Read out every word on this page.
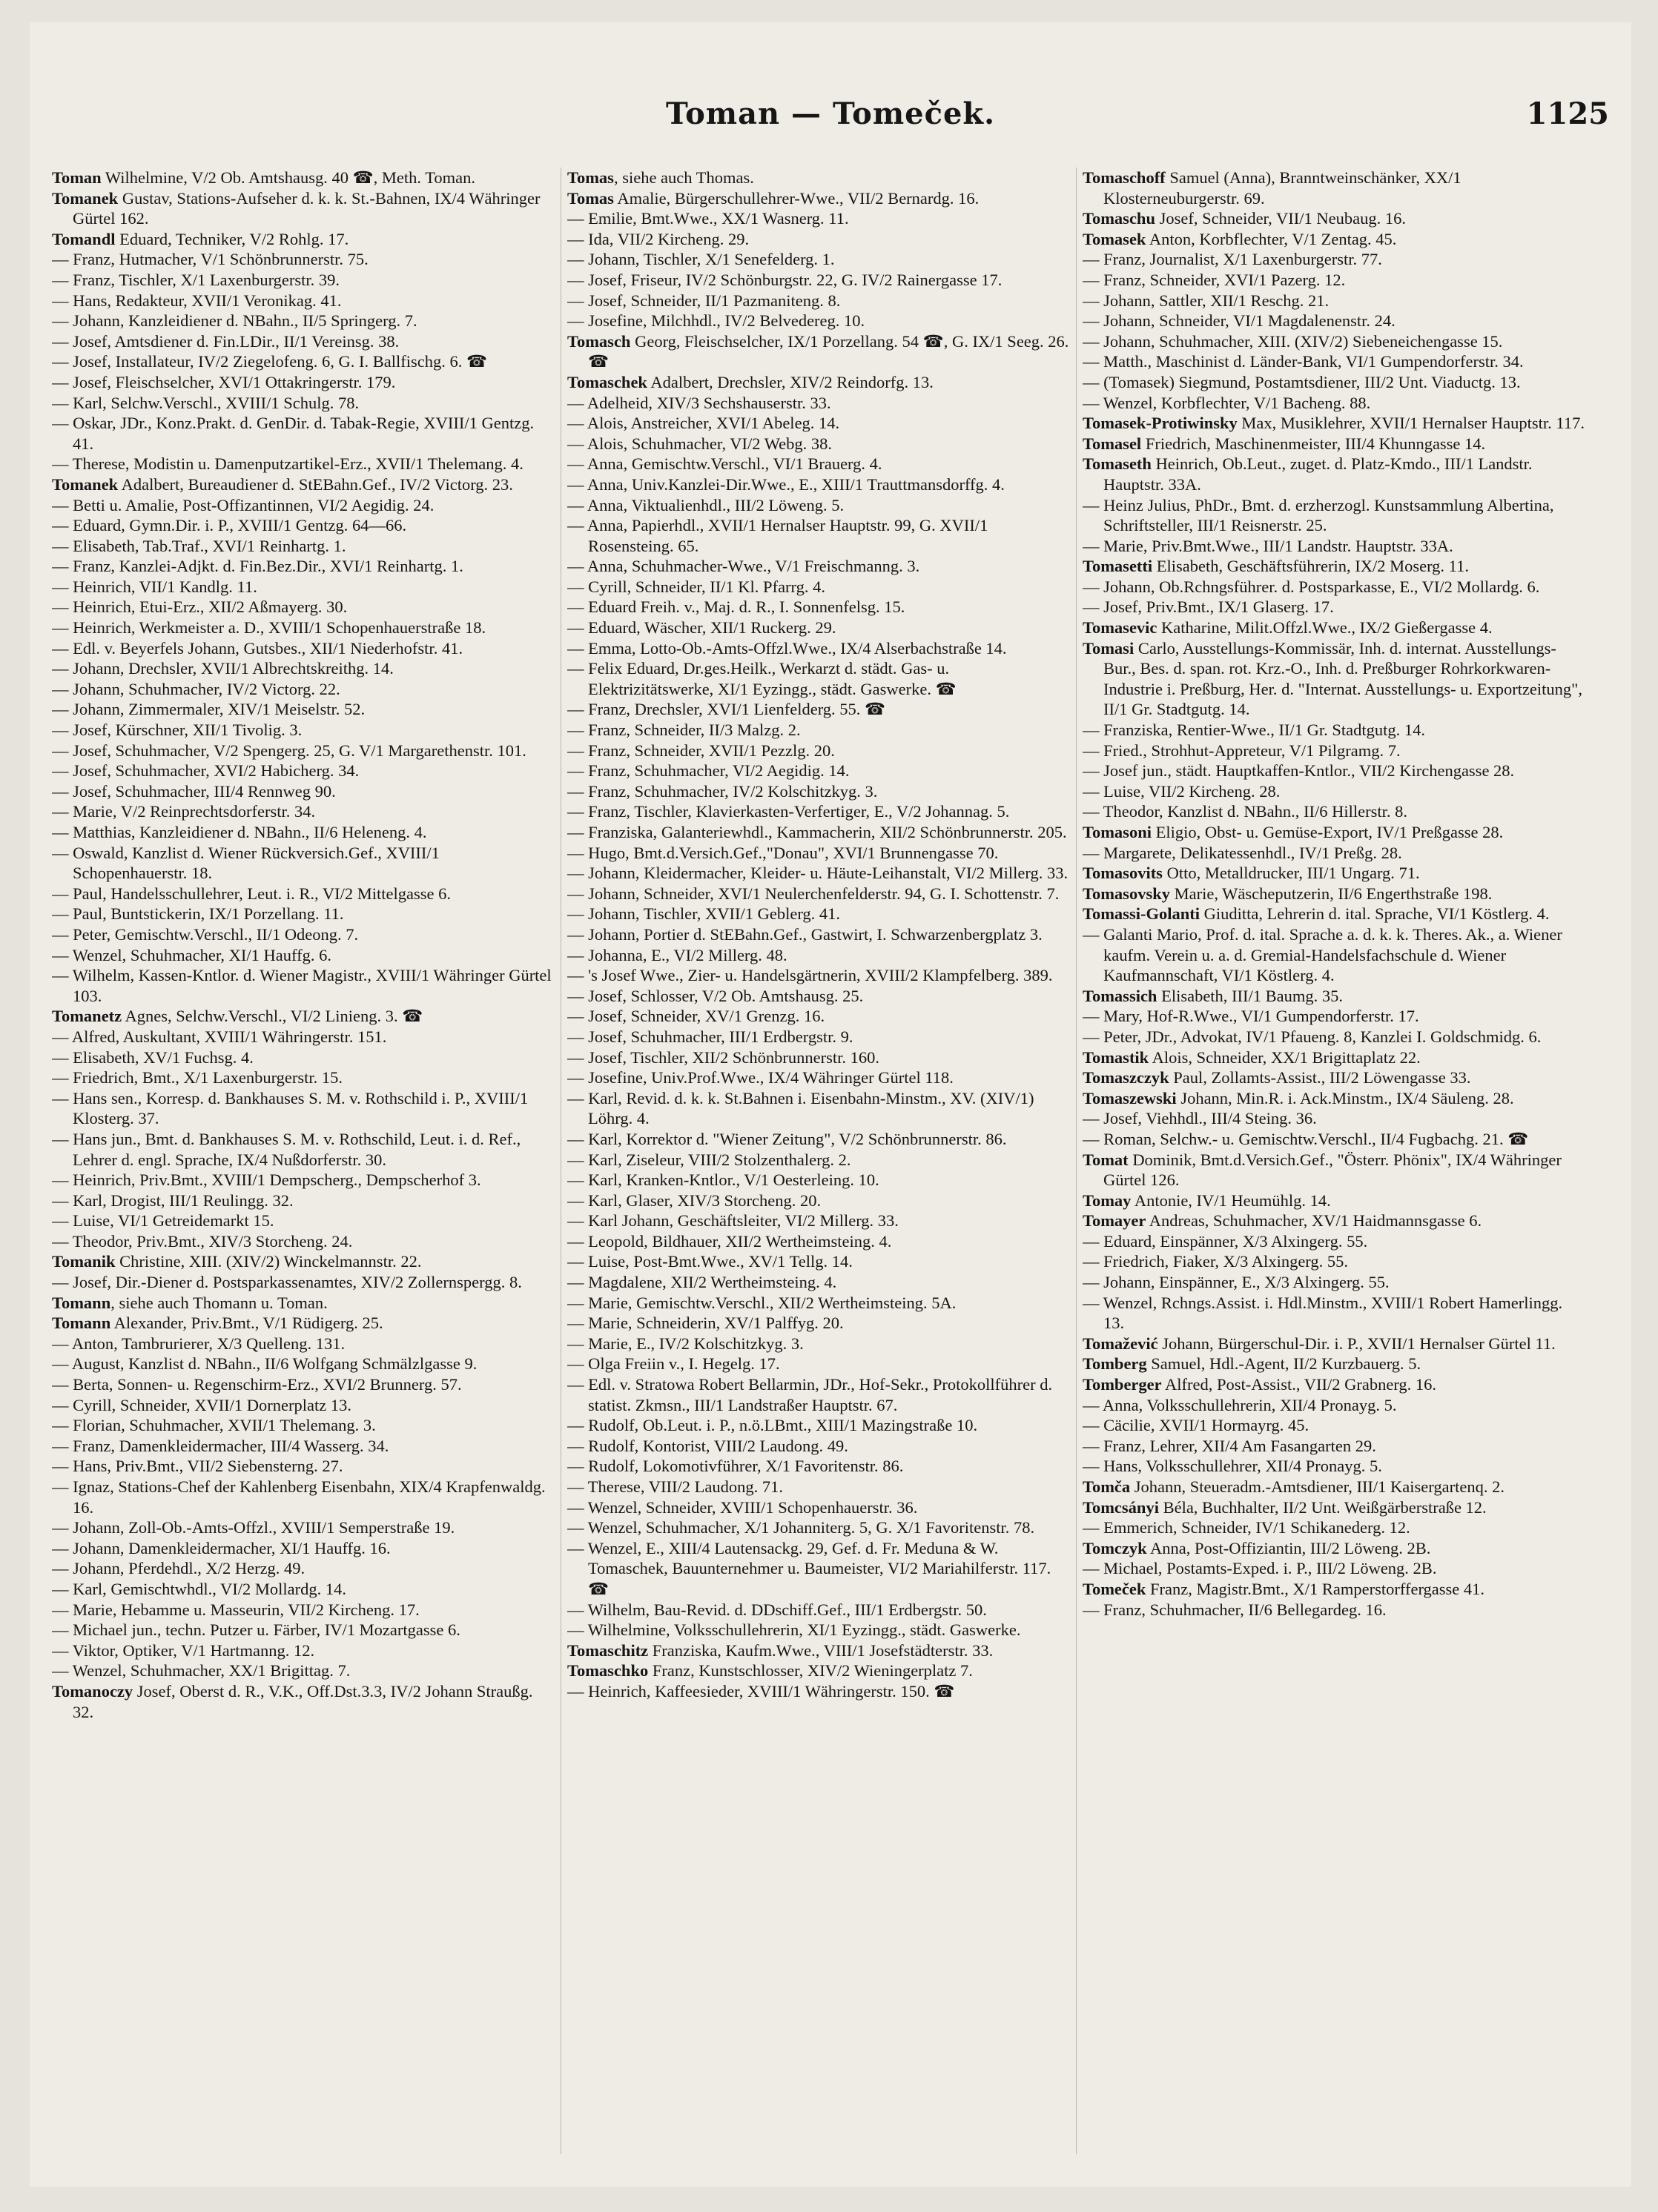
Toman — Tomeček.	1125

Toman Wilhelmine, V/2 Ob. Amtshausg. 40 ☎, Meth. Toman.

Tomanek Gustav, Stations-Aufseher d. k. k. St.-Bahnen, IX/4 Währinger Gürtel 162.

Tomandl Eduard, Techniker, V/2 Rohlg. 17.

— Franz, Hutmacher, V/1 Schönbrunnerstr. 75.

— Franz, Tischler, X/1 Laxenburgerstr. 39.

— Hans, Redakteur, XVII/1 Veronikag. 41.

— Johann, Kanzleidiener d. NBahn., II/5 Springerg. 7.

— Josef, Amtsdiener d. Fin.LDir., II/1 Vereinsg. 38.

— Josef, Installateur, IV/2 Ziegelofeng. 6, G. I. Ballfischg. 6. ☎

— Josef, Fleischselcher, XVI/1 Ottakringerstr. 179.

— Karl, Selchw.Verschl., XVIII/1 Schulg. 78.

— Oskar, JDr., Konz.Prakt. d. GenDir. d. Tabak-Regie, XVIII/1 Gentzg. 41.

— Therese, Modistin u. Damenputzartikel-Erz., XVII/1 Thelemang. 4.

Tomanek Adalbert, Bureaudiener d. StEBahn.Gef., IV/2 Victorg. 23.

— Betti u. Amalie, Post-Offizantinnen, VI/2 Aegidig. 24.

— Eduard, Gymn.Dir. i. P., XVIII/1 Gentzg. 64—66.

— Elisabeth, Tab.Traf., XVI/1 Reinhartg. 1.

— Franz, Kanzlei-Adjkt. d. Fin.Bez.Dir., XVI/1 Reinhartg. 1.

— Heinrich, VII/1 Kandlg. 11.

— Heinrich, Etui-Erz., XII/2 Aßmayerg. 30.

— Heinrich, Werkmeister a. D., XVIII/1 Schopenhauerstraße 18.

— Edl. v. Beyerfels Johann, Gutsbes., XII/1 Niederhofstr. 41.

— Johann, Drechsler, XVII/1 Albrechtskreithg. 14.

— Johann, Schuhmacher, IV/2 Victorg. 22.

— Johann, Zimmermaler, XIV/1 Meiselstr. 52.

— Josef, Kürschner, XII/1 Tivolig. 3.

— Josef, Schuhmacher, V/2 Spengerg. 25, G. V/1 Margarethenstr. 101.

— Josef, Schuhmacher, XVI/2 Habicherg. 34.

— Josef, Schuhmacher, III/4 Rennweg 90.

— Marie, V/2 Reinprechtsdorferstr. 34.

— Matthias, Kanzleidiener d. NBahn., II/6 Heleneng. 4.

— Oswald, Kanzlist d. Wiener Rückversich.Gef., XVIII/1 Schopenhauerstr. 18.

— Paul, Handelsschullehrer, Leut. i. R., VI/2 Mittelgasse 6.

— Paul, Buntstickerin, IX/1 Porzellang. 11.

— Peter, Gemischtw.Verschl., II/1 Odeong. 7.

— Wenzel, Schuhmacher, XI/1 Hauffg. 6.

— Wilhelm, Kassen-Kntlor. d. Wiener Magistr., XVIII/1 Währinger Gürtel 103.

Tomanetz Agnes, Selchw.Verschl., VI/2 Linieng. 3. ☎

— Alfred, Auskultant, XVIII/1 Währingerstr. 151.

— Elisabeth, XV/1 Fuchsg. 4.

— Friedrich, Bmt., X/1 Laxenburgerstr. 15.

— Hans sen., Korresp. d. Bankhauses S. M. v. Rothschild i. P., XVIII/1 Klosterg. 37.

— Hans jun., Bmt. d. Bankhauses S. M. v. Rothschild, Leut. i. d. Ref., Lehrer d. engl. Sprache, IX/4 Nußdorferstr. 30.

— Heinrich, Priv.Bmt., XVIII/1 Dempscherg., Dempscherhof 3.

— Karl, Drogist, III/1 Reulingg. 32.

— Luise, VI/1 Getreidemarkt 15.

— Theodor, Priv.Bmt., XIV/3 Storcheng. 24.

Tomanik Christine, XIII. (XIV/2) Winckelmannstr. 22.

— Josef, Dir.-Diener d. Postsparkassenamtes, XIV/2 Zollernspergg. 8.

Tomann, siehe auch Thomann u. Toman.

Tomann Alexander, Priv.Bmt., V/1 Rüdigerg. 25.

— Anton, Tambrurierer, X/3 Quelleng. 131.

— August, Kanzlist d. NBahn., II/6 Wolfgang Schmälzlgasse 9.

— Berta, Sonnen- u. Regenschirm-Erz., XVI/2 Brunnerg. 57.

— Cyrill, Schneider, XVII/1 Dornerplatz 13.

— Florian, Schuhmacher, XVII/1 Thelemang. 3.

— Franz, Damenkleidermacher, III/4 Wasserg. 34.

— Hans, Priv.Bmt., VII/2 Siebensterng. 27.

— Ignaz, Stations-Chef der Kahlenberg Eisenbahn, XIX/4 Krapfenwaldg. 16.

— Johann, Zoll-Ob.-Amts-Offzl., XVIII/1 Semperstraße 19.

— Johann, Damenkleidermacher, XI/1 Hauffg. 16.

— Johann, Pferdehdl., X/2 Herzg. 49.

— Karl, Gemischtwhdl., VI/2 Mollardg. 14.

— Marie, Hebamme u. Masseurin, VII/2 Kircheng. 17.

— Michael jun., techn. Putzer u. Färber, IV/1 Mozartgasse 6.

— Viktor, Optiker, V/1 Hartmanng. 12.

— Wenzel, Schuhmacher, XX/1 Brigittag. 7.

Tomanoczy Josef, Oberst d. R., V.K., Off.Dst.3.3, IV/2 Johann Straußg. 32.

Tomas, siehe auch Thomas.

Tomas Amalie, Bürgerschullehrer-Wwe., VII/2 Bernardg. 16.

— Emilie, Bmt.Wwe., XX/1 Wasnerg. 11.

— Ida, VII/2 Kircheng. 29.

— Johann, Tischler, X/1 Senefelderg. 1.

— Josef, Friseur, IV/2 Schönburgstr. 22, G. IV/2 Rainergasse 17.

— Josef, Schneider, II/1 Pazmaniteng. 8.

— Josefine, Milchhdl., IV/2 Belvedereg. 10.

Tomasch Georg, Fleischselcher, IX/1 Porzellang. 54 ☎, G. IX/1 Seeg. 26. ☎

Tomaschek Adalbert, Drechsler, XIV/2 Reindorfg. 13.

— Adelheid, XIV/3 Sechshauserstr. 33.

— Alois, Anstreicher, XVI/1 Abeleg. 14.

— Alois, Schuhmacher, VI/2 Webg. 38.

— Anna, Gemischtw.Verschl., VI/1 Brauerg. 4.

— Anna, Univ.Kanzlei-Dir.Wwe., E., XIII/1 Trauttmansdorffg. 4.

— Anna, Viktualienhdl., III/2 Löweng. 5.

— Anna, Papierhdl., XVII/1 Hernalser Hauptstr. 99, G. XVII/1 Rosensteing. 65.

— Anna, Schuhmacher-Wwe., V/1 Freischmanng. 3.

— Cyrill, Schneider, II/1 Kl. Pfarrg. 4.

— Eduard Freih. v., Maj. d. R., I. Sonnenfelsg. 15.

— Eduard, Wäscher, XII/1 Ruckerg. 29.

— Emma, Lotto-Ob.-Amts-Offzl.Wwe., IX/4 Alserbachstraße 14.

— Felix Eduard, Dr.ges.Heilk., Werkarzt d. städt. Gas- u. Elektrizitätswerke, XI/1 Eyzingg., städt. Gaswerke. ☎

— Franz, Drechsler, XVI/1 Lienfelderg. 55. ☎

— Franz, Schneider, II/3 Malzg. 2.

— Franz, Schneider, XVII/1 Pezzlg. 20.

— Franz, Schuhmacher, VI/2 Aegidig. 14.

— Franz, Schuhmacher, IV/2 Kolschitzkyg. 3.

— Franz, Tischler, Klavierkasten-Verfertiger, E., V/2 Johannag. 5.

— Franziska, Galanteriewhdl., Kammacherin, XII/2 Schönbrunnerstr. 205.

— Hugo, Bmt.d.Versich.Gef.,"Donau", XVI/1 Brunnengasse 70.

— Johann, Kleidermacher, Kleider- u. Häute-Leihanstalt, VI/2 Millerg. 33.

— Johann, Schneider, XVI/1 Neulerchenfelderstr. 94, G. I. Schottenstr. 7.

— Johann, Tischler, XVII/1 Geblerg. 41.

— Johann, Portier d. StEBahn.Gef., Gastwirt, I. Schwarzenbergplatz 3.

— Johanna, E., VI/2 Millerg. 48.

— 's Josef Wwe., Zier- u. Handelsgärtnerin, XVIII/2 Klampfelberg. 389.

— Josef, Schlosser, V/2 Ob. Amtshausg. 25.

— Josef, Schneider, XV/1 Grenzg. 16.

— Josef, Schuhmacher, III/1 Erdbergstr. 9.

— Josef, Tischler, XII/2 Schönbrunnerstr. 160.

— Josefine, Univ.Prof.Wwe., IX/4 Währinger Gürtel 118.

— Karl, Revid. d. k. k. St.Bahnen i. Eisenbahn-Minstm., XV. (XIV/1) Löhrg. 4.

— Karl, Korrektor d. "Wiener Zeitung", V/2 Schönbrunnerstr. 86.

— Karl, Ziseleur, VIII/2 Stolzenthalerg. 2.

— Karl, Kranken-Kntlor., V/1 Oesterleing. 10.

— Karl, Glaser, XIV/3 Storcheng. 20.

— Karl Johann, Geschäftsleiter, VI/2 Millerg. 33.

— Leopold, Bildhauer, XII/2 Wertheimsteing. 4.

— Luise, Post-Bmt.Wwe., XV/1 Tellg. 14.

— Magdalene, XII/2 Wertheimsteing. 4.

— Marie, Gemischtw.Verschl., XII/2 Wertheimsteing. 5A.

— Marie, Schneiderin, XV/1 Palffyg. 20.

— Marie, E., IV/2 Kolschitzkyg. 3.

— Olga Freiin v., I. Hegelg. 17.

— Edl. v. Stratowa Robert Bellarmin, JDr., Hof-Sekr., Protokollführer d. statist. Zkmsn., III/1 Landstraßer Hauptstr. 67.

— Rudolf, Ob.Leut. i. P., n.ö.LBmt., XIII/1 Mazingstraße 10.

— Rudolf, Kontorist, VIII/2 Laudong. 49.

— Rudolf, Lokomotivführer, X/1 Favoritenstr. 86.

— Therese, VIII/2 Laudong. 71.

— Wenzel, Schneider, XVIII/1 Schopenhauerstr. 36.

— Wenzel, Schuhmacher, X/1 Johanniterg. 5, G. X/1 Favoritenstr. 78.

— Wenzel, E., XIII/4 Lautensackg. 29, Gef. d. Fr. Meduna & W. Tomaschek, Bauunternehmer u. Baumeister, VI/2 Mariahilferstr. 117. ☎

— Wilhelm, Bau-Revid. d. DDschiff.Gef., III/1 Erdbergstr. 50.

— Wilhelmine, Volksschullehrerin, XI/1 Eyzingg., städt. Gaswerke.

Tomaschitz Franziska, Kaufm.Wwe., VIII/1 Josefstädterstr. 33.

Tomaschko Franz, Kunstschlosser, XIV/2 Wieningerplatz 7.

— Heinrich, Kaffeesieder, XVIII/1 Währingerstr. 150. ☎

Tomaschoff Samuel (Anna), Branntweinschänker, XX/1 Klosterneuburgerstr. 69.

Tomaschu Josef, Schneider, VII/1 Neubaug. 16.

Tomasek Anton, Korbflechter, V/1 Zentag. 45.

— Franz, Journalist, X/1 Laxenburgerstr. 77.

— Franz, Schneider, XVI/1 Pazerg. 12.

— Johann, Sattler, XII/1 Reschg. 21.

— Johann, Schneider, VI/1 Magdalenenstr. 24.

— Johann, Schuhmacher, XIII. (XIV/2) Siebeneichengasse 15.

— Matth., Maschinist d. Länder-Bank, VI/1 Gumpendorferstr. 34.

— (Tomasek) Siegmund, Postamtsdiener, III/2 Unt. Viaductg. 13.

— Wenzel, Korbflechter, V/1 Bacheng. 88.

Tomasek-Protiwinsky Max, Musiklehrer, XVII/1 Hernalser Hauptstr. 117.

Tomasel Friedrich, Maschinenmeister, III/4 Khunngasse 14.

Tomaseth Heinrich, Ob.Leut., zuget. d. Platz-Kmdo., III/1 Landstr. Hauptstr. 33A.

— Heinz Julius, PhDr., Bmt. d. erzherzogl. Kunstsammlung Albertina, Schriftsteller, III/1 Reisnerstr. 25.

— Marie, Priv.Bmt.Wwe., III/1 Landstr. Hauptstr. 33A.

Tomasetti Elisabeth, Geschäftsführerin, IX/2 Moserg. 11.

— Johann, Ob.Rchngsführer. d. Postsparkasse, E., VI/2 Mollardg. 6.

— Josef, Priv.Bmt., IX/1 Glaserg. 17.

Tomasevic Katharine, Milit.Offzl.Wwe., IX/2 Gießergasse 4.

Tomasi Carlo, Ausstellungs-Kommissär, Inh. d. internat. Ausstellungs-Bur., Bes. d. span. rot. Krz.-O., Inh. d. Preßburger Rohrkorkwaren-Industrie i. Preßburg, Her. d. "Internat. Ausstellungs- u. Exportzeitung", II/1 Gr. Stadtgutg. 14.

— Franziska, Rentier-Wwe., II/1 Gr. Stadtgutg. 14.

— Fried., Strohhut-Appreteur, V/1 Pilgramg. 7.

— Josef jun., städt. Hauptkaffen-Kntlor., VII/2 Kirchengasse 28.

— Luise, VII/2 Kircheng. 28.

— Theodor, Kanzlist d. NBahn., II/6 Hillerstr. 8.

Tomasoni Eligio, Obst- u. Gemüse-Export, IV/1 Preßgasse 28.

— Margarete, Delikatessenhdl., IV/1 Preßg. 28.

Tomasovits Otto, Metalldrucker, III/1 Ungarg. 71.

Tomasovsky Marie, Wäscheputzerin, II/6 Engerthstraße 198.

Tomassi-Golanti Giuditta, Lehrerin d. ital. Sprache, VI/1 Köstlerg. 4.

— Galanti Mario, Prof. d. ital. Sprache a. d. k. k. Theres. Ak., a. Wiener kaufm. Verein u. a. d. Gremial-Handelsfachschule d. Wiener Kaufmannschaft, VI/1 Köstlerg. 4.

Tomassich Elisabeth, III/1 Baumg. 35.

— Mary, Hof-R.Wwe., VI/1 Gumpendorferstr. 17.

— Peter, JDr., Advokat, IV/1 Pfaueng. 8, Kanzlei I. Goldschmidg. 6.

Tomastik Alois, Schneider, XX/1 Brigittaplatz 22.

Tomaszczyk Paul, Zollamts-Assist., III/2 Löwengasse 33.

Tomaszewski Johann, Min.R. i. Ack.Minstm., IX/4 Säuleng. 28.

— Josef, Viehhdl., III/4 Steing. 36.

— Roman, Selchw.- u. Gemischtw.Verschl., II/4 Fugbachg. 21. ☎

Tomat Dominik, Bmt.d.Versich.Gef., "Österr. Phönix", IX/4 Währinger Gürtel 126.

Tomay Antonie, IV/1 Heumühlg. 14.

Tomayer Andreas, Schuhmacher, XV/1 Haidmannsgasse 6.

— Eduard, Einspänner, X/3 Alxingerg. 55.

— Friedrich, Fiaker, X/3 Alxingerg. 55.

— Johann, Einspänner, E., X/3 Alxingerg. 55.

— Wenzel, Rchngs.Assist. i. Hdl.Minstm., XVIII/1 Robert Hamerlingg. 13.

Tomažević Johann, Bürgerschul-Dir. i. P., XVII/1 Hernalser Gürtel 11.

Tomberg Samuel, Hdl.-Agent, II/2 Kurzbauerg. 5.

Tomberger Alfred, Post-Assist., VII/2 Grabnerg. 16.

— Anna, Volksschullehrerin, XII/4 Pronayg. 5.

— Cäcilie, XVII/1 Hormayrg. 45.

— Franz, Lehrer, XII/4 Am Fasangarten 29.

— Hans, Volksschullehrer, XII/4 Pronayg. 5.

Tomča Johann, Steueradm.-Amtsdiener, III/1 Kaisergartenq. 2.

Tomcsányi Béla, Buchhalter, II/2 Unt. Weißgärberstraße 12.

— Emmerich, Schneider, IV/1 Schikanederg. 12.

Tomczyk Anna, Post-Offiziantin, III/2 Löweng. 2B.

— Michael, Postamts-Exped. i. P., III/2 Löweng. 2B.

Tomeček Franz, Magistr.Bmt., X/1 Ramperstorffergasse 41.

— Franz, Schuhmacher, II/6 Bellegardeg. 16.
